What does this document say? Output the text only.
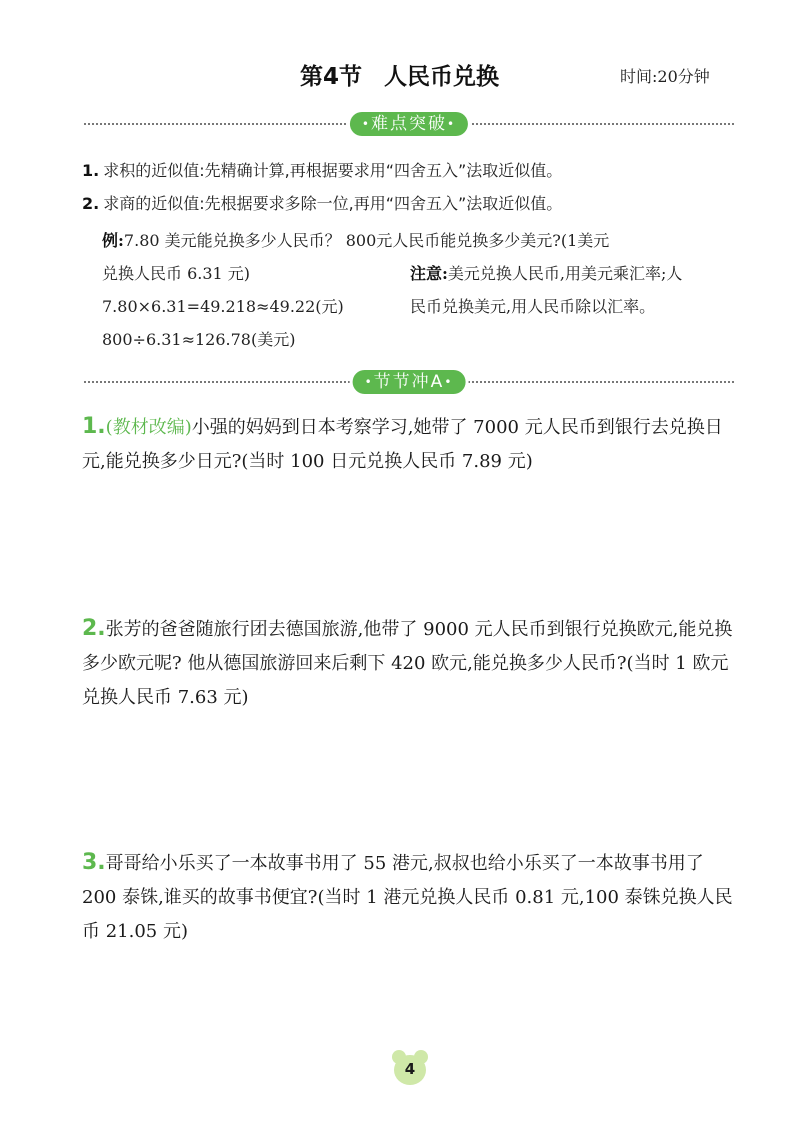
第4节 人民币兑换	时间:20分钟
•难点突破•
1. 求积的近似值:先精确计算,再根据要求用“四舍五入”法取近似值。
2. 求商的近似值:先根据要求多除一位,再用“四舍五入”法取近似值。
例:7.80 美元能兑换多少人民币？ 800元人民币能兑换多少美元?(1美元
兑换人民币 6.31 元)
7.80×6.31=49.218≈49.22(元)
800÷6.31≈126.78(美元)
注意:美元兑换人民币,用美元乘汇率;人
民币兑换美元,用人民币除以汇率。
•节节冲A•
1.(教材改编)小强的妈妈到日本考察学习,她带了 7000 元人民币到银行去兑换日元,能兑换多少日元?(当时 100 日元兑换人民币 7.89 元)
2.张芳的爸爸随旅行团去德国旅游,他带了 9000 元人民币到银行兑换欧元,能兑换多少欧元呢? 他从德国旅游回来后剩下 420 欧元,能兑换多少人民币?(当时 1 欧元兑换人民币 7.63 元)
3.哥哥给小乐买了一本故事书用了 55 港元,叔叔也给小乐买了一本故事书用了 200 泰铢,谁买的故事书便宜?(当时 1 港元兑换人民币 0.81 元,100 泰铢兑换人民币 21.05 元)
4
